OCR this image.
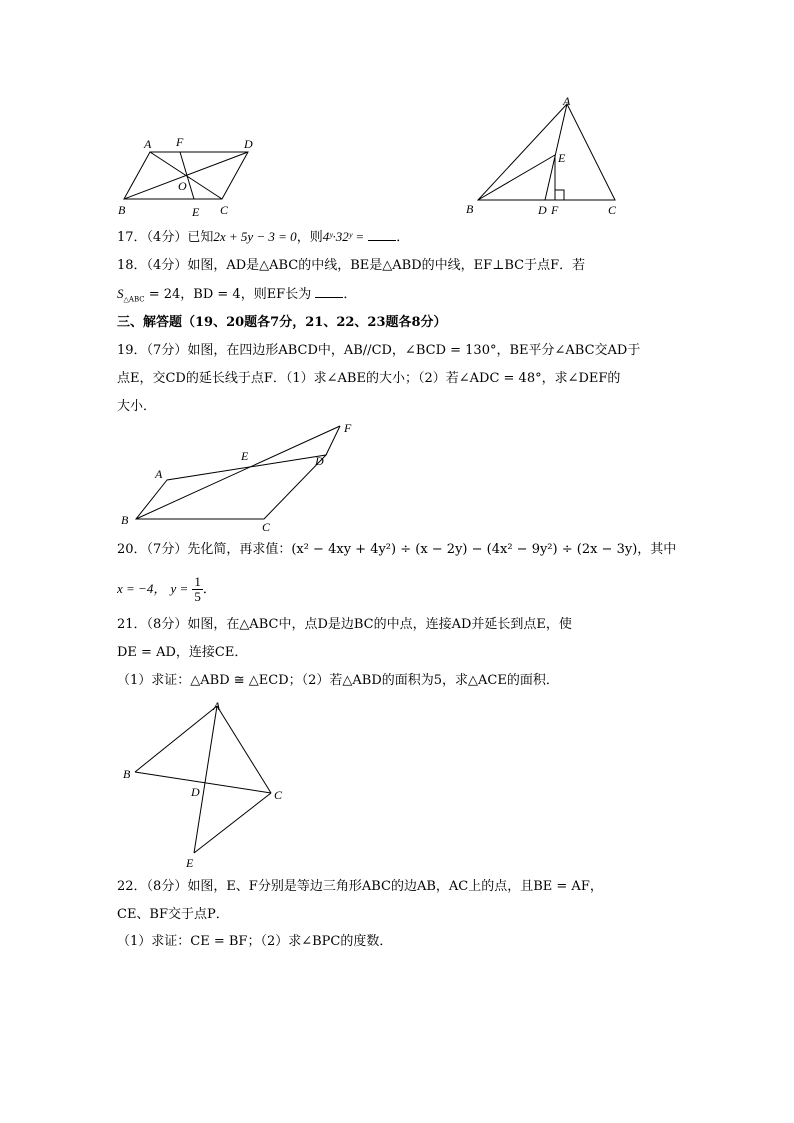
A F	D
O
B	E C
A
E
B	D F	C
17．（4分）已知2x + 5y − 3 = 0，则4ʸ·32ʸ = ．
18．（4分）如图，AD是△ABC的中线，BE是△ABD的中线，EF⊥BC于点F．若
$S_{\triangle ABC} = 24$，BD = 4，则EF长为 ．
三、解答题（19、20题各7分，21、22、23题各8分）
19．（7分）如图，在四边形ABCD中，AB//CD，∠BCD = 130°，BE平分∠ABC交AD于
点E，交CD的延长线于点F．（1）求∠ABE的大小；（2）若∠ADC = 48°，求∠DEF的
大小．
A
E	D
F
B	C
20．（7分）先化简，再求值：(x² − 4xy + 4y²) ÷ (x − 2y) − (4x² − 9y²) ÷ (2x − 3y)，其中
x = −4， $y = \frac{1}{5}$ ．
21．（8分）如图，在△ABC中，点D是边BC的中点，连接AD并延长到点E，使
DE = AD，连接CE．
（1）求证：△ABD ≅ △ECD；（2）若△ABD的面积为5，求△ACE的面积．
A
B
D	C
E
22．（8分）如图，E、F分别是等边三角形ABC的边AB，AC上的点，且BE = AF，
CE、BF交于点P．
（1）求证：CE = BF；（2）求∠BPC的度数．
